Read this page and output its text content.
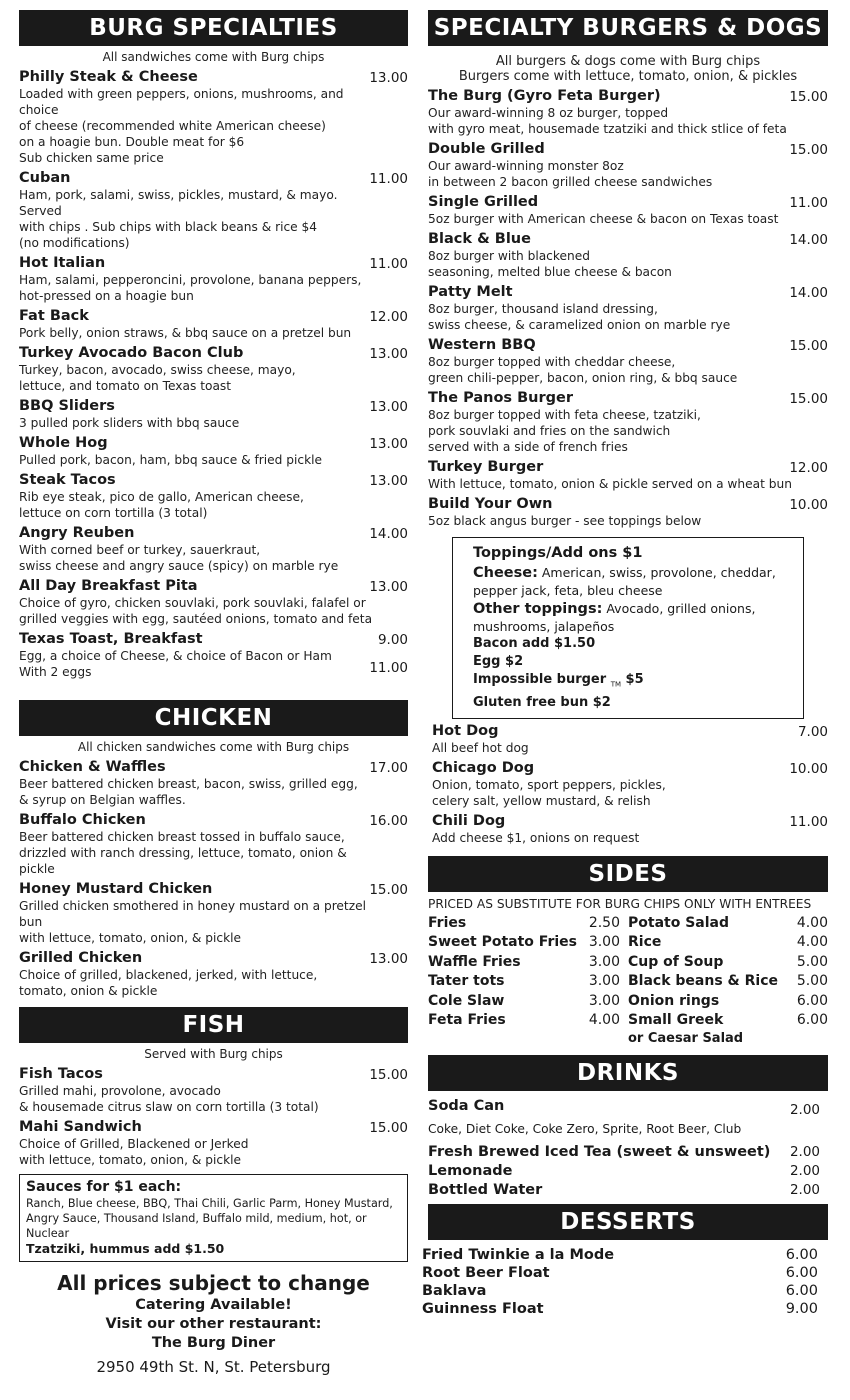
BURG SPECIALTIES
All sandwiches come with Burg chips
Philly Steak & Cheese	13.00
Loaded with green peppers, onions, mushrooms, and choice
of cheese (recommended white American cheese)
on a hoagie bun. Double meat for $6
Sub chicken same price
Cuban	11.00
Ham, pork, salami, swiss, pickles, mustard, & mayo. Served
with chips . Sub chips with black beans & rice $4
(no modifications)
Hot Italian	11.00
Ham, salami, pepperoncini, provolone, banana peppers,
hot-pressed on a hoagie bun
Fat Back	12.00
Pork belly, onion straws, & bbq sauce on a pretzel bun
Turkey Avocado Bacon Club	13.00
Turkey, bacon, avocado, swiss cheese, mayo,
lettuce, and tomato on Texas toast
BBQ Sliders	13.00
3 pulled pork sliders with bbq sauce
Whole Hog	13.00
Pulled pork, bacon, ham, bbq sauce & fried pickle
Steak Tacos	13.00
Rib eye steak, pico de gallo, American cheese,
lettuce on corn tortilla (3 total)
Angry Reuben	14.00
With corned beef or turkey, sauerkraut,
swiss cheese and angry sauce (spicy) on marble rye
All Day Breakfast Pita	13.00
Choice of gyro, chicken souvlaki, pork souvlaki, falafel or
grilled veggies with egg, sautéed onions, tomato and feta
Texas Toast, Breakfast	9.00
Egg, a choice of Cheese, & choice of Bacon or Ham
With 2 eggs	11.00
CHICKEN
All chicken sandwiches come with Burg chips
Chicken & Waffles	17.00
Beer battered chicken breast, bacon, swiss, grilled egg,
& syrup on Belgian waffles.
Buffalo Chicken	16.00
Beer battered chicken breast tossed in buffalo sauce,
drizzled with ranch dressing, lettuce, tomato, onion & pickle
Honey Mustard Chicken	15.00
Grilled chicken smothered in honey mustard on a pretzel bun
with lettuce, tomato, onion, & pickle
Grilled Chicken	13.00
Choice of grilled, blackened, jerked, with lettuce,
tomato, onion & pickle
FISH
Served with Burg chips
Fish Tacos	15.00
Grilled mahi, provolone, avocado
& housemade citrus slaw on corn tortilla (3 total)
Mahi Sandwich	15.00
Choice of Grilled, Blackened or Jerked
with lettuce, tomato, onion, & pickle
Sauces for $1 each:
Ranch, Blue cheese, BBQ, Thai Chili, Garlic Parm, Honey Mustard,
Angry Sauce, Thousand Island, Buffalo mild, medium, hot, or Nuclear
Tzatziki, hummus add $1.50
All prices subject to change
Catering Available!
Visit our other restaurant:
The Burg Diner
2950 49th St. N, St. Petersburg
SPECIALTY BURGERS & DOGS
All burgers & dogs come with Burg chips
Burgers come with lettuce, tomato, onion, & pickles
The Burg (Gyro Feta Burger)	15.00
Our award-winning 8 oz burger, topped
with gyro meat, housemade tzatziki and thick stlice of feta
Double Grilled	15.00
Our award-winning monster 8oz
in between 2 bacon grilled cheese sandwiches
Single Grilled	11.00
5oz burger with American cheese & bacon on Texas toast
Black & Blue	14.00
8oz burger with blackened
seasoning, melted blue cheese & bacon
Patty Melt	14.00
8oz burger, thousand island dressing,
swiss cheese, & caramelized onion on marble rye
Western BBQ	15.00
8oz burger topped with cheddar cheese,
green chili-pepper, bacon, onion ring, & bbq sauce
The Panos Burger	15.00
8oz burger topped with feta cheese, tzatziki,
pork souvlaki and fries on the sandwich
served with a side of french fries
Turkey Burger	12.00
With lettuce, tomato, onion & pickle served on a wheat bun
Build Your Own	10.00
5oz black angus burger - see toppings below
Toppings/Add ons $1
Cheese: American, swiss, provolone, cheddar,
pepper jack, feta, bleu cheese
Other toppings: Avocado, grilled onions,
mushrooms, jalapeños
Bacon add $1.50
Egg $2
Impossible burger $_{TM}$ $5
Gluten free bun $2
Hot Dog	7.00
All beef hot dog
Chicago Dog	10.00
Onion, tomato, sport peppers, pickles,
celery salt, yellow mustard, & relish
Chili Dog	11.00
Add cheese $1, onions on request
SIDES
PRICED AS SUBSTITUTE FOR BURG CHIPS ONLY WITH ENTREES
Fries	2.50
Sweet Potato Fries 3.00
Waffle Fries	3.00
Tater tots	3.00
Cole Slaw	3.00
Feta Fries	4.00
Potato Salad	4.00
Rice	4.00
Cup of Soup	5.00
Black beans & Rice 5.00
Onion rings	6.00
Small Greek	6.00
or Caesar Salad
DRINKS
Soda Can	2.00
Coke, Diet Coke, Coke Zero, Sprite, Root Beer, Club
Fresh Brewed Iced Tea (sweet & unsweet) 2.00
Lemonade	2.00
Bottled Water	2.00
DESSERTS
Fried Twinkie a la Mode	6.00
Root Beer Float	6.00
Baklava	6.00
Guinness Float	9.00
